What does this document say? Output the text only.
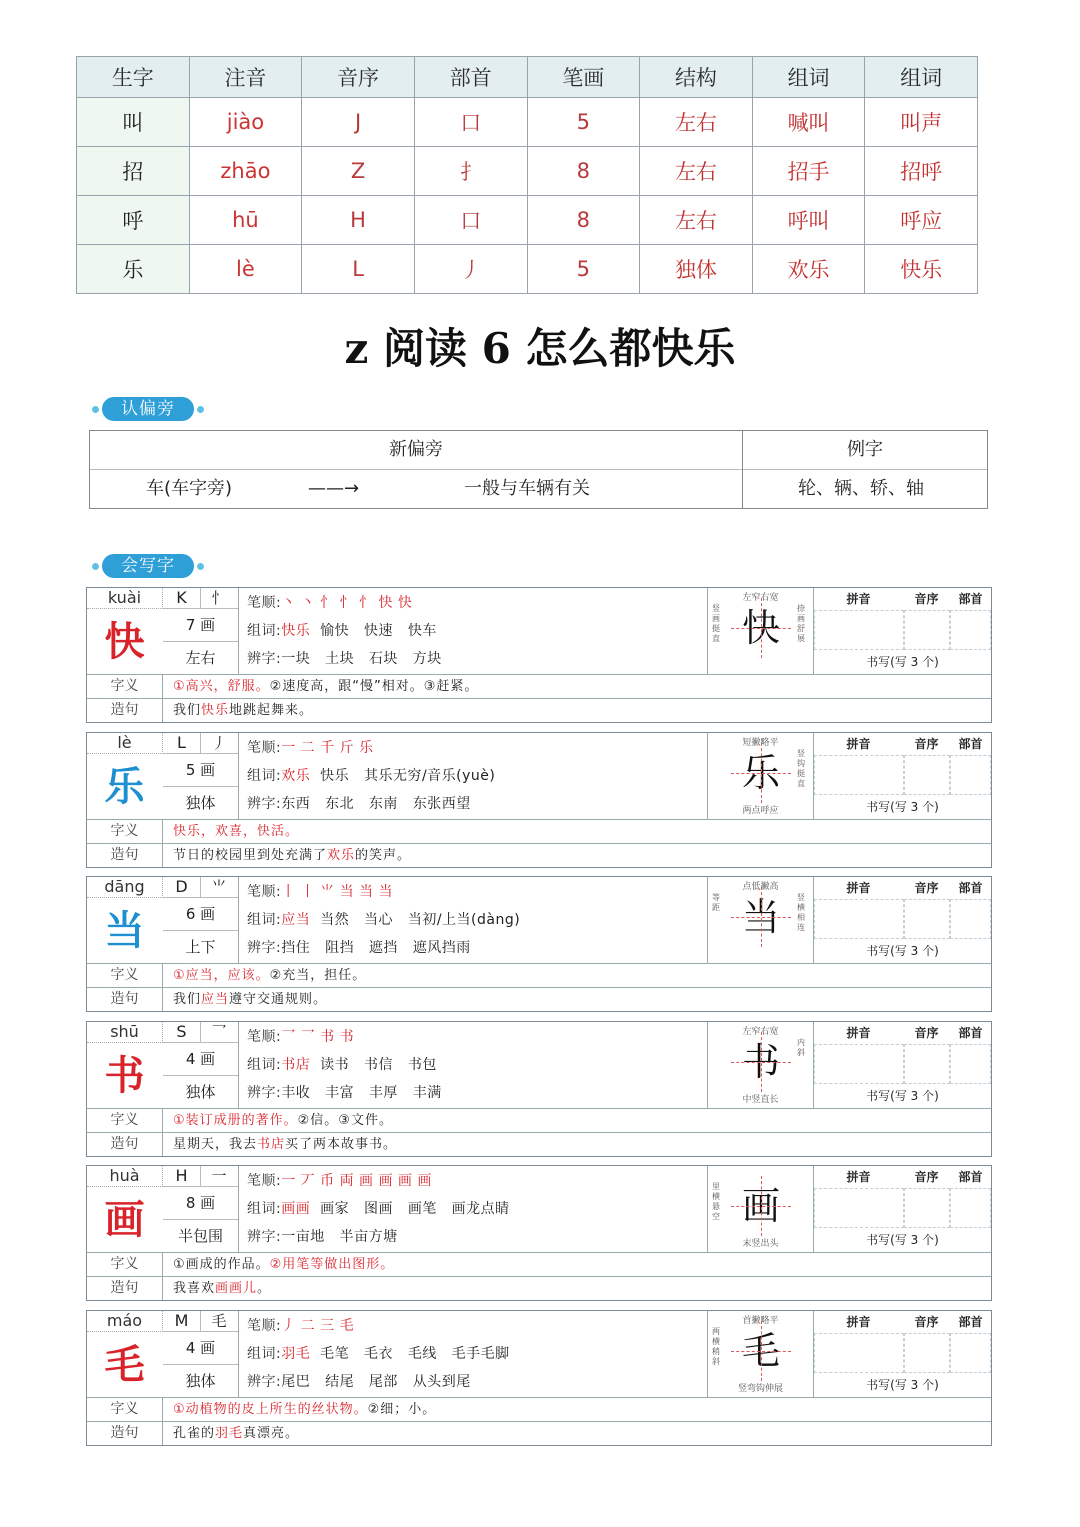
生字	注音	音序	部首	笔画	结构	组词	组词
叫	jiào	J	口	5	左右	喊叫	叫声
招	zhāo	Z	扌	8	左右	招手	招呼
呼	hū	H	口	8	左右	呼叫	呼应
乐	lè	L	丿	5	独体	欢乐	快乐
z 阅读 6 怎么都快乐
认偏旁
新偏旁	例字
车(车字旁)	——→	一般与车辆有关	轮、辆、轿、轴
会写字
kuài	K	忄
快	7 画
左右
笔顺:丶 丶 忄 忄 忄 快 快
组词:快乐  愉快   快速   快车
辨字:一块   土块   石块   方块
左窄右宽
竖画挺直 快	捺画舒展
拼音	音序	部首
书写(写 3 个)
字义	①高兴，舒服。②速度高，跟“慢”相对。③赶紧。
造句	我们快乐地跳起舞来。
lè	L	丿
乐	5 画
独体
笔顺:一 二 千 斤 乐
组词:欢乐  快乐   其乐无穷/音乐(yuè)
辨字:东西   东北   东南   东张西望
短撇略平
乐	竖钩挺直
两点呼应
拼音	音序	部首
书写(写 3 个)
字义	快乐，欢喜，快活。
造句	节日的校园里到处充满了欢乐的笑声。
dāng	D	⺌
当	6 画
上下
笔顺:丨 丨 ⺌ 当 当 当
组词:应当  当然   当心   当初/上当(dàng)
辨字:挡住   阻挡   遮挡   遮风挡雨
点低撇高
等距 当	竖横相连
拼音	音序	部首
书写(写 3 个)
字义	①应当，应该。②充当，担任。
造句	我们应当遵守交通规则。
shū	S	乛
书	4 画
独体
笔顺:乛 乛 书 书
组词:书店  读书   书信   书包
辨字:丰收   丰富   丰厚   丰满
左窄右宽
书	内斜
中竖直长
拼音	音序	部首
书写(写 3 个)
字义	①装订成册的著作。②信。③文件。
造句	星期天，我去书店买了两本故事书。
huà	H	一
画	8 画
半包围
笔顺:一 丆 币 両 画 画 画 画
组词:画画  画家   图画   画笔   画龙点睛
辨字:一亩地   半亩方塘
里横悬空 画
末竖出头
拼音	音序	部首
书写(写 3 个)
字义	①画成的作品。②用笔等做出图形。
造句	我喜欢画画儿。
máo	M	毛
毛	4 画
独体
笔顺:丿 二 三 毛
组词:羽毛  毛笔   毛衣   毛线   毛手毛脚
辨字:尾巴   结尾   尾部   从头到尾
首撇略平
两横稍斜 毛
竖弯钩伸展
拼音	音序	部首
书写(写 3 个)
字义	①动植物的皮上所生的丝状物。②细；小。
造句	孔雀的羽毛真漂亮。
